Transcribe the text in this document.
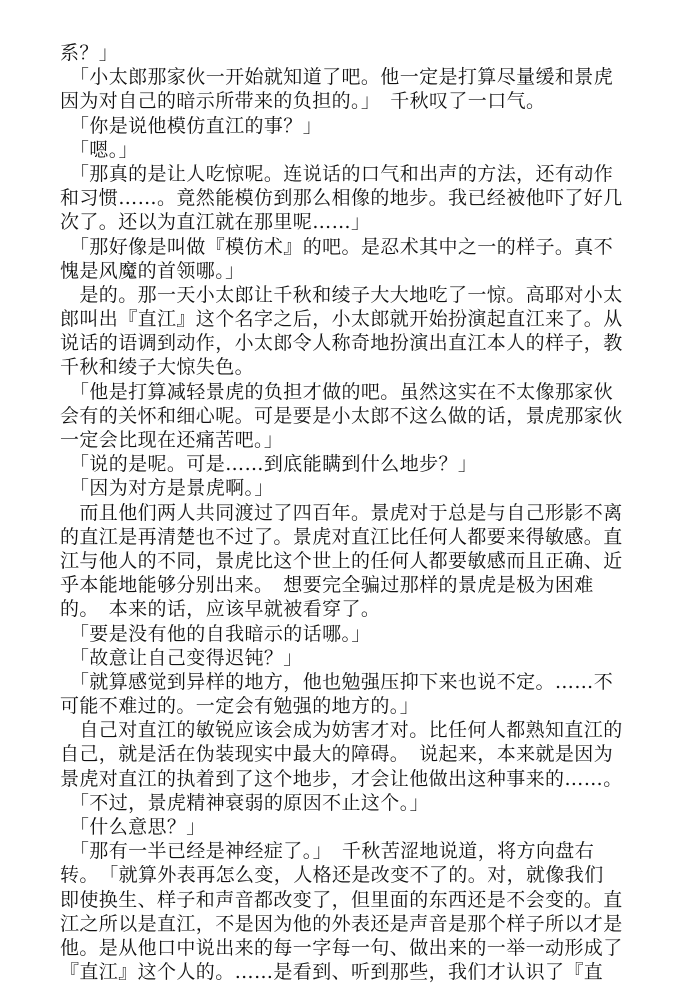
系？」
　「小太郎那家伙一开始就知道了吧。他一定是打算尽量缓和景虎
因为对自己的暗示所带来的负担的。」　千秋叹了一口气。
　「你是说他模仿直江的事？」
　「嗯。」
　「那真的是让人吃惊呢。连说话的口气和出声的方法，还有动作
和习惯……。竟然能模仿到那么相像的地步。我已经被他吓了好几
次了。还以为直江就在那里呢……」
　「那好像是叫做『模仿术』的吧。是忍术其中之一的样子。真不
愧是风魔的首领哪。」
　是的。那一天小太郎让千秋和绫子大大地吃了一惊。高耶对小太
郎叫出『直江』这个名字之后，小太郎就开始扮演起直江来了。从
说话的语调到动作，小太郎令人称奇地扮演出直江本人的样子，教
千秋和绫子大惊失色。
　「他是打算减轻景虎的负担才做的吧。虽然这实在不太像那家伙
会有的关怀和细心呢。可是要是小太郎不这么做的话，景虎那家伙
一定会比现在还痛苦吧。」
　「说的是呢。可是……到底能瞒到什么地步？」
　「因为对方是景虎啊。」
　而且他们两人共同渡过了四百年。景虎对于总是与自己形影不离
的直江是再清楚也不过了。景虎对直江比任何人都要来得敏感。直
江与他人的不同，景虎比这个世上的任何人都要敏感而且正确、近
乎本能地能够分别出来。　想要完全骗过那样的景虎是极为困难
的。　本来的话，应该早就被看穿了。
　「要是没有他的自我暗示的话哪。」
　「故意让自己变得迟钝？」
　「就算感觉到异样的地方，他也勉强压抑下来也说不定。……不
可能不难过的。一定会有勉强的地方的。」
　自己对直江的敏锐应该会成为妨害才对。比任何人都熟知直江的
自己，就是活在伪装现实中最大的障碍。　说起来，本来就是因为
景虎对直江的执着到了这个地步，才会让他做出这种事来的……。
　「不过，景虎精神衰弱的原因不止这个。」
　「什么意思？」
　「那有一半已经是神经症了。」　千秋苦涩地说道，将方向盘右
转。　「就算外表再怎么变，人格还是改变不了的。对，就像我们
即使换生、样子和声音都改变了，但里面的东西还是不会变的。直
江之所以是直江，不是因为他的外表还是声音是那个样子所以才是
他。是从他口中说出来的每一字每一句、做出来的一举一动形成了
『直江』这个人的。……是看到、听到那些，我们才认识了『直
